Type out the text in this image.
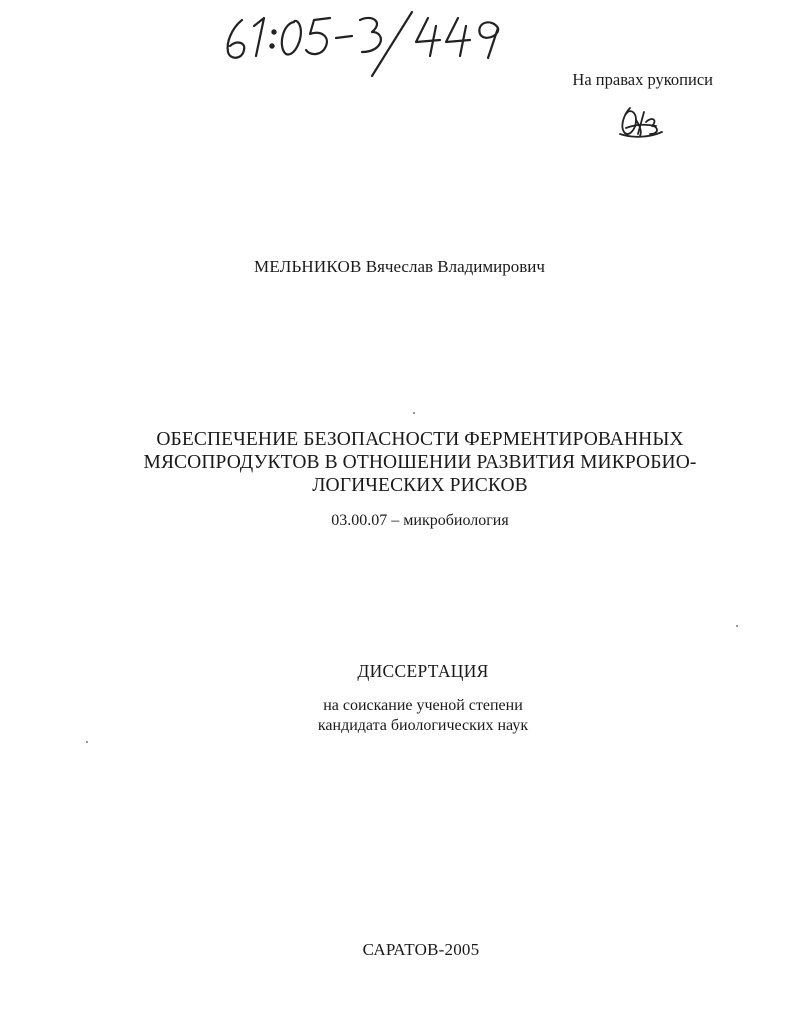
На правах рукописи
МЕЛЬНИКОВ Вячеслав Владимирович
ОБЕСПЕЧЕНИЕ БЕЗОПАСНОСТИ ФЕРМЕНТИРОВАННЫХ
МЯСОПРОДУКТОВ В ОТНОШЕНИИ РАЗВИТИЯ МИКРОБИО-
ЛОГИЧЕСКИХ РИСКОВ
03.00.07 – микробиология
ДИССЕРТАЦИЯ
на соискание ученой степени
кандидата биологических наук
САРАТОВ-2005
